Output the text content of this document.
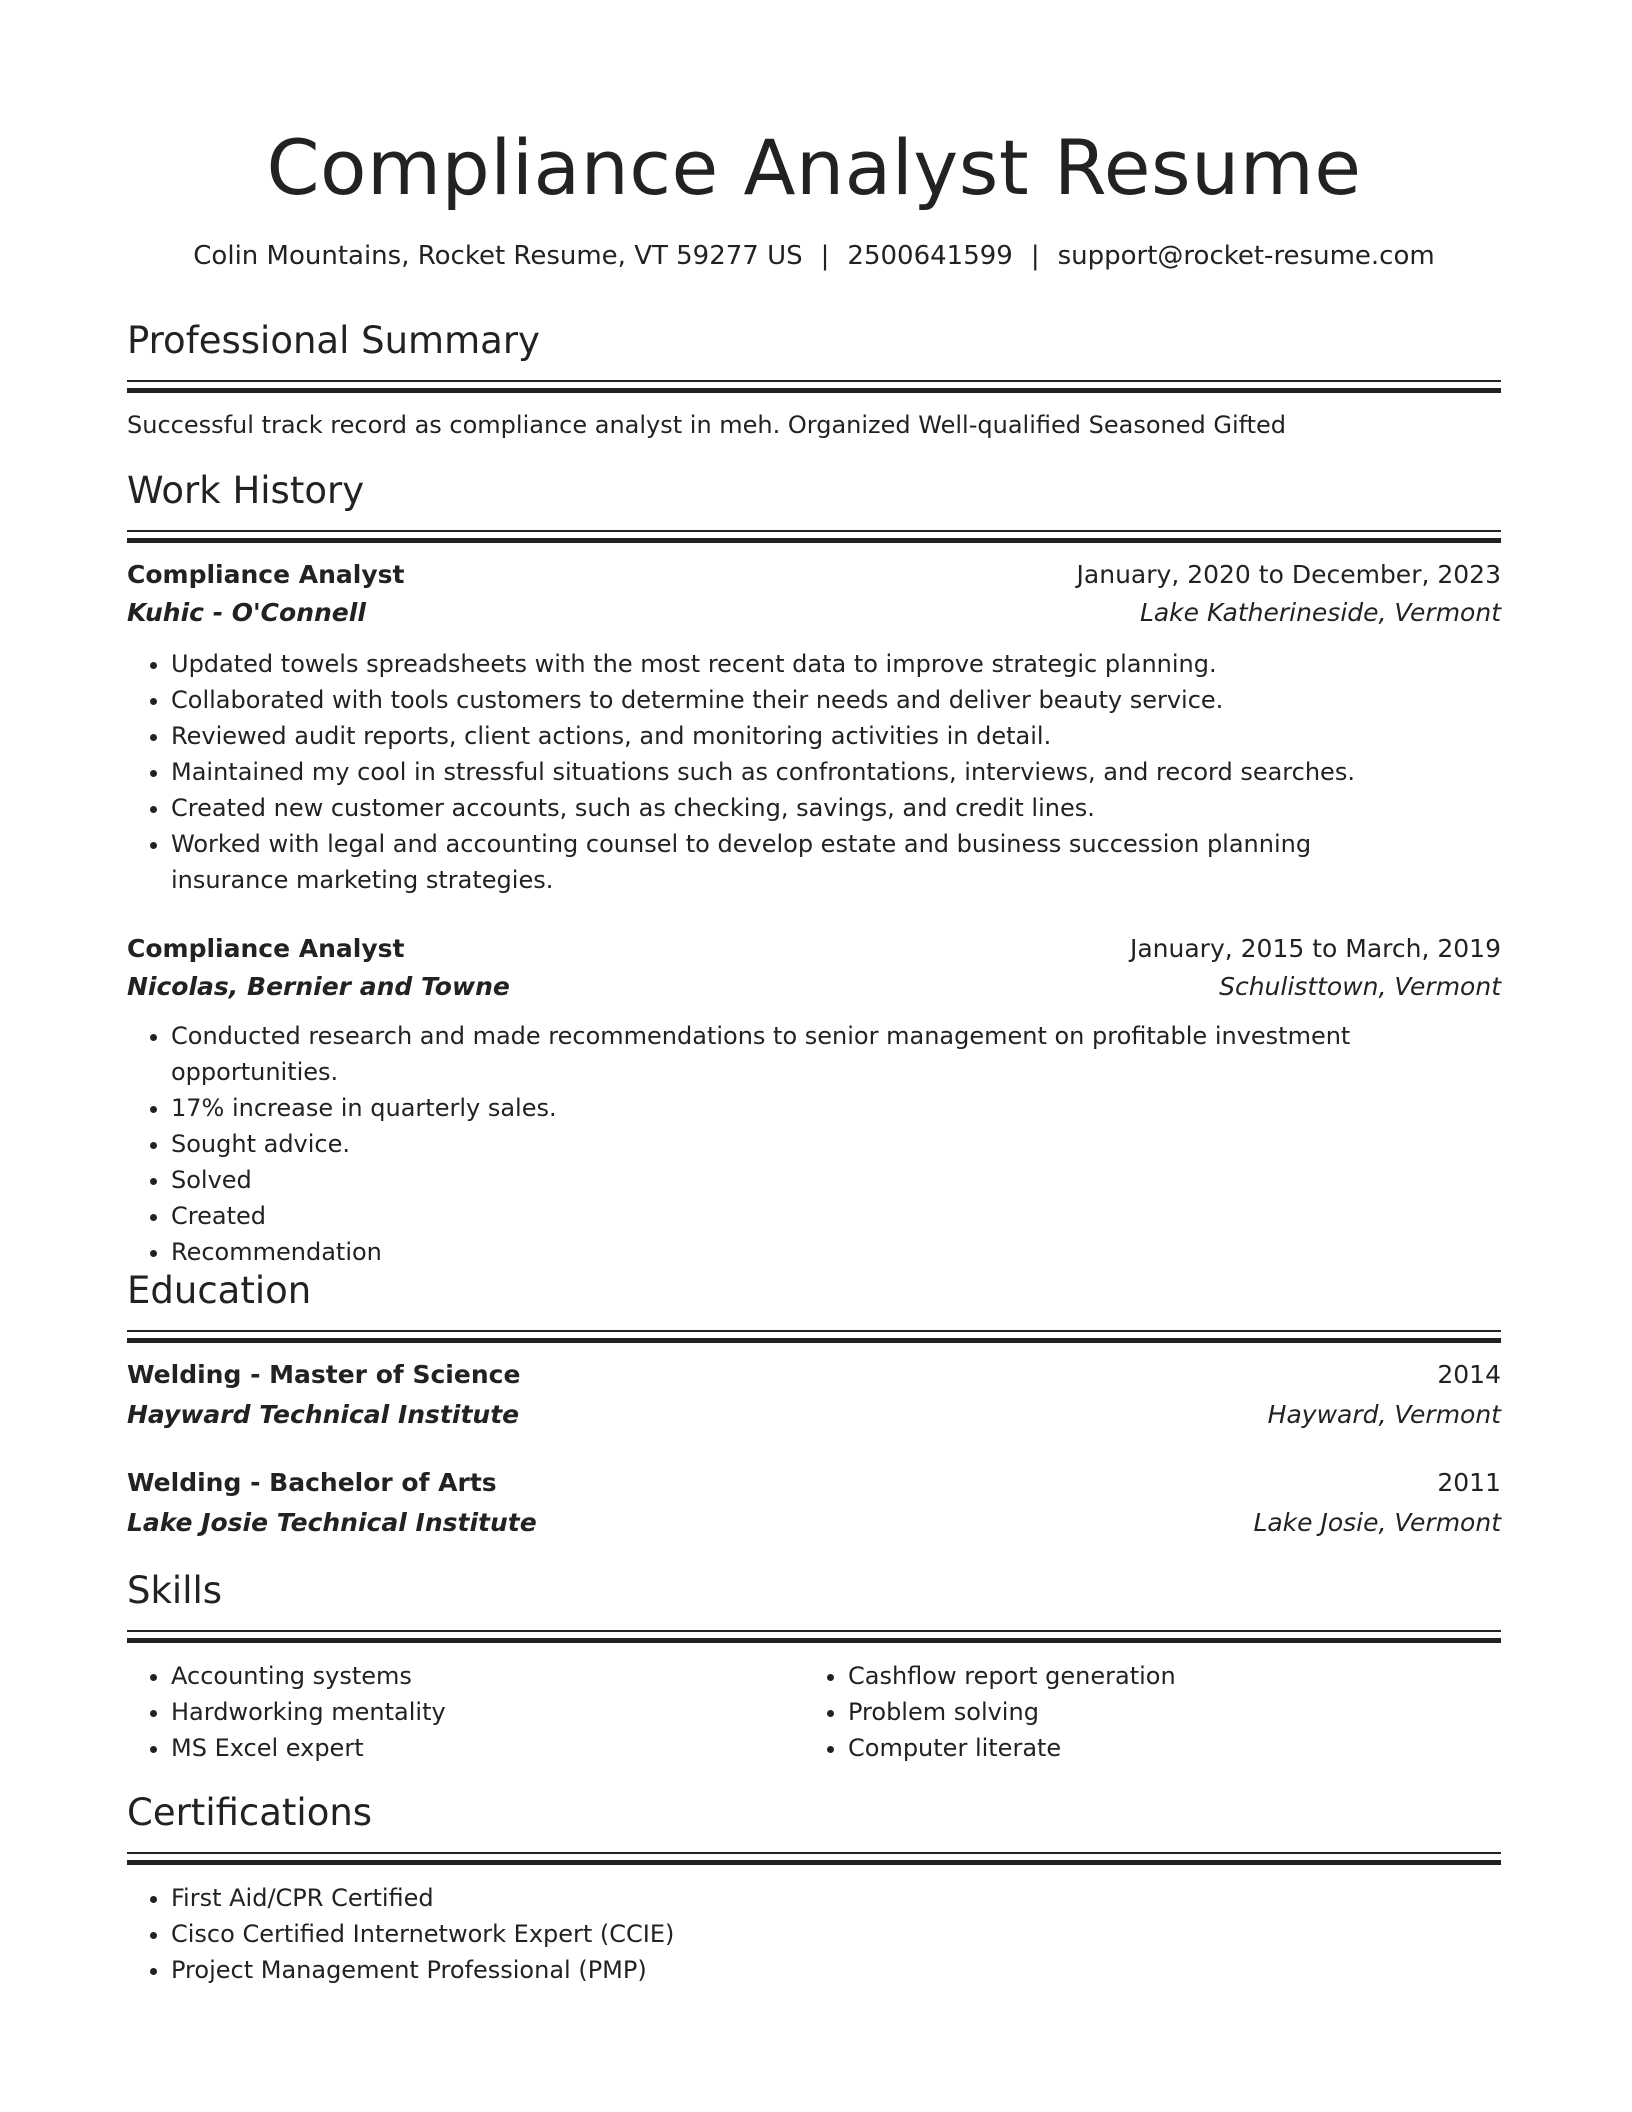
Compliance Analyst Resume
Colin Mountains, Rocket Resume, VT 59277 US | 2500641599 | support@rocket-resume.com
Professional Summary
Successful track record as compliance analyst in meh. Organized Well-qualified Seasoned Gifted
Work History
Compliance Analyst	January, 2020 to December, 2023
Kuhic - O'Connell	Lake Katherineside, Vermont
• Updated towels spreadsheets with the most recent data to improve strategic planning.
• Collaborated with tools customers to determine their needs and deliver beauty service.
• Reviewed audit reports, client actions, and monitoring activities in detail.
• Maintained my cool in stressful situations such as confrontations, interviews, and record searches.
• Created new customer accounts, such as checking, savings, and credit lines.
• Worked with legal and accounting counsel to develop estate and business succession planning insurance marketing strategies.
Compliance Analyst	January, 2015 to March, 2019
Nicolas, Bernier and Towne	Schulisttown, Vermont
• Conducted research and made recommendations to senior management on profitable investment opportunities.
• 17% increase in quarterly sales.
• Sought advice.
• Solved
• Created
• Recommendation
Education
Welding - Master of Science	2014
Hayward Technical Institute	Hayward, Vermont
Welding - Bachelor of Arts	2011
Lake Josie Technical Institute	Lake Josie, Vermont
Skills
• Accounting systems
• Hardworking mentality
• MS Excel expert
• Cashflow report generation
• Problem solving
• Computer literate
Certifications
• First Aid/CPR Certified
• Cisco Certified Internetwork Expert (CCIE)
• Project Management Professional (PMP)
